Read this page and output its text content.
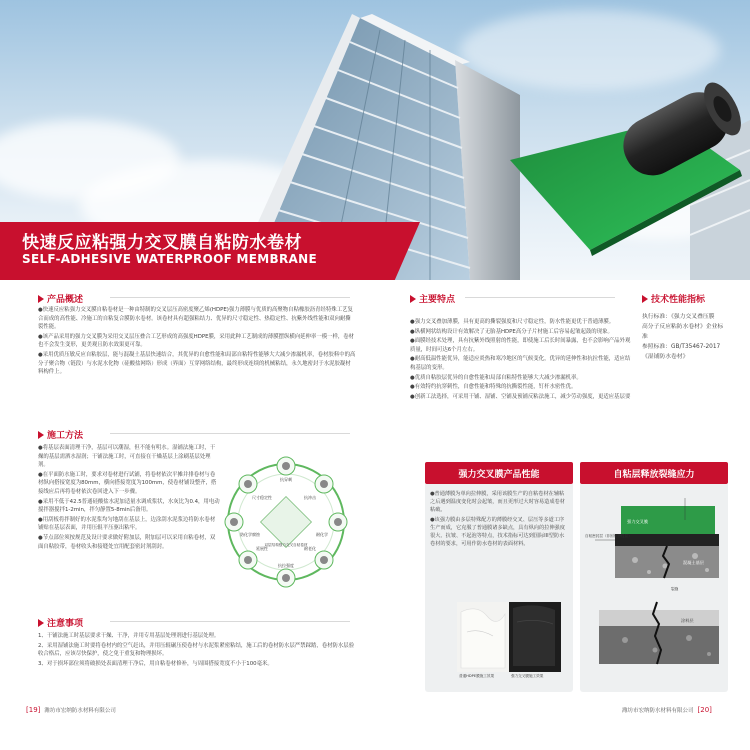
快速反应粘强力交叉膜自粘防水卷材
SELF-ADHESIVE WATERPROOF MEMBRANE
产品概述

●快速反应粘强力交叉膜自粘卷材是一种由特制的交叉层压高密度聚乙烯(HDPE)强力薄膜与优质的高聚物自粘橡胶沥青经特殊工艺复合而成的高性能、冷施工的自粘复合膜防水卷材。该卷材具有超强粘结力、优异的尺寸稳定性、热稳定性、抗紫外线性能和双向耐撕裂性能。

●该产品采用的强力交叉膜为采用交叉层压叠合工艺形成的高强度HDPE膜，采用此种工艺制成的薄膜摆纵横向延伸率一模一样，卷材也不会发生变形，更美观且防水效果更可靠。

●采用优质压敏反应自粘胶层，能与混凝土基层快速结合，其优异的自愈性能和局部自粘特性能够大大减少渗漏机率，卷材胶料中的高分子聚合物（链段）与水泥水化物（硅酸盐网络）形成（界面）互穿网络结构，最终形成连续的机械粘结，永久地密封于水泥胶凝材料构件上。

施工方法

●将基层表面清理干净，基层可以潮湿，但不能有明水。湿铺法施工时，干燥的基层需洒水湿润；干铺法施工时，可直接在干燥基层上涂刷基层处理剂。

●在平面防水施工时，要求对卷材进行试铺，将卷材依次平摊并排卷材与卷材纵向搭接宽度为80mm，横向搭接宽度为100mm，使卷材铺设整齐，搭接线应后再将卷材依次卷回进入下一步骤。

●采用不低于42.5普通硅酸盐水泥加适量水调成浆状，水灰比为0.4，用电动搅拌器搅拌1-2min，拌匀静置5-8min后备用。

●用刮板将拌制好的水泥浆均匀地刮在基层上，边涂刮水泥浆边将防水卷材铺贴在基层表面，并用压辊平压驱出粘牢。

●节点部位须按规范及设计要求做好附加层，附加层可以采用自粘卷材，双面自粘胶带，卷材收头和接缝处宜用配套密封剂刮封。

抗穿刺
抗冲击
耐化学
耐老化
抗拉强度
延展性
防化学腐蚀
尺寸稳定性
双层结构强力交叉自粘卷材
注意事项

1、干铺法施工时基层要求干燥、干净，并用专用基层处理剂进行基层处理。

2、采用湿铺法施工时要将卷材内的空气赶出，并用压辊碾压使卷材与水泥浆紧密粘结，施工后的卷材防水层严禁踩踏，卷材防水层验收合格后，应该尽快保护，使之免于重复和物理损坏。

3、对于损坏部位须将破损处表面清理干净后，用自粘卷材修补，与周围搭接宽度不小于100毫米。

主要特点

●强力交叉叠加薄膜，具有更高的撕裂强度和尺寸稳定性，防水性能更优于普通薄膜。

●纵横网状结构设计有效解决了无胎基HDPE高分子片材施工后容易起皱起鼓的现象。

●面膜经技术处理，具有抗紫外线照射的性能，即使施工后长时间暴露，也不会影响产品外观质量，时间可达6个月左右。

●耐高低温性能优异，能适应炎热和寒冷地区的气候变化，优异的延伸性和抗拉性能，适应结构基层的变形。

●优质自粘胶层优异的自愈性能和局部自粘特性能够大大减少渗漏机率。

●有效特约抗穿刺性，自愈性能和特殊的抗撕裂性能，钉杆水密性优。

●创新工法选择，可采用干铺、湿铺、空铺及预铺反粘法施工，减少劳动强度，更适应基层要

技术性能指标
执行标准：《强力交叉叠压膜
高分子反应粘防水卷材》企业标
准
参照标准：GB/T35467-2017
《湿铺防水卷材》
强力交叉膜产品性能

●普通薄膜为单向拉伸膜，采用该膜生产的自粘卷材在辅粘之后遇到温度变化时会起皱，而且更形过大时容易造成卷材粘破。

●该强力膜由多层特殊配方的薄膜经交叉、层压等多道工序生产而成，它克服了普通膜诸多缺点，具有纵向的拉伸强度很大、抗皱、不起泡等特点，技术指标可达到国际III型防水卷材的要求，可用作防水卷材的表面材料。

普通HDPE膜施工效果	强力交叉膜施工效果
自粘层释放裂缝应力
强力交叉膜
混凝土基层
涂料层
自粘密封层（非固化特性层）
裂缝
[19] 潍坊市宏纳防水材料有限公司	潍坊市宏纳防水材料有限公司 [20]
